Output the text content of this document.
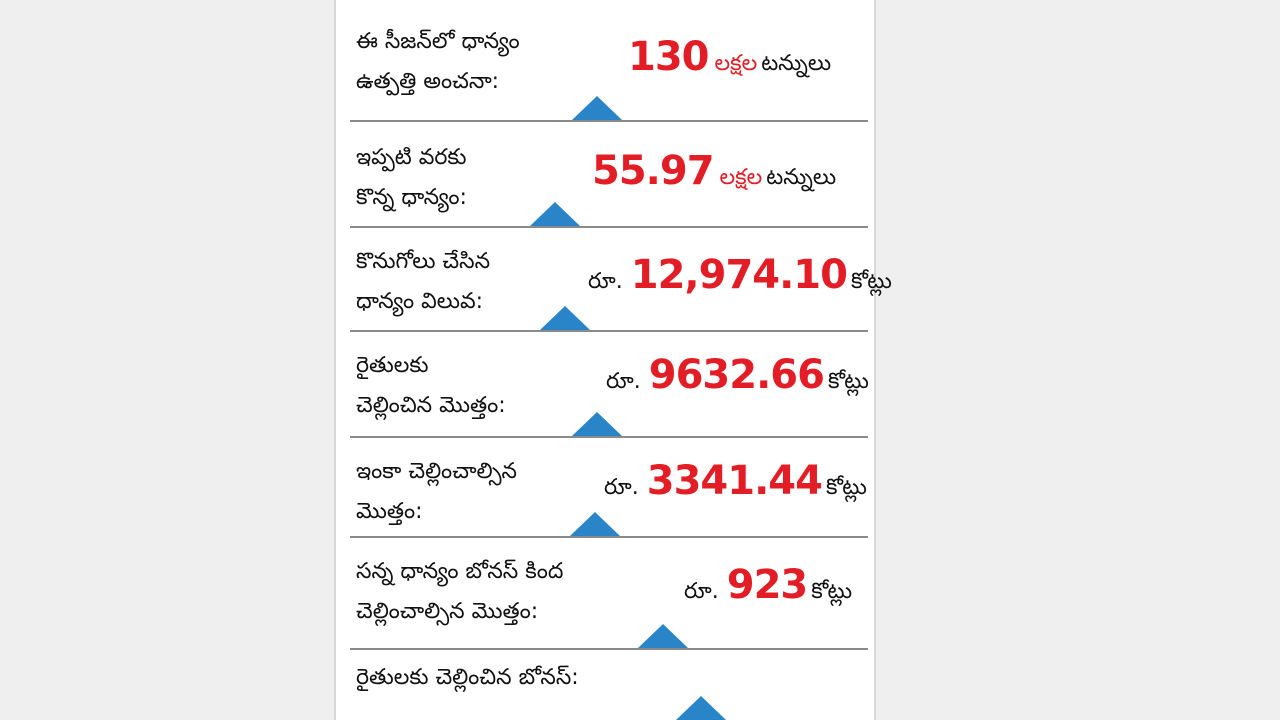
ఈ సీజన్‌లో ధాన్యం
ఉత్పత్తి అంచనా:
130 లక్షల టన్నులు
ఇప్పటి వరకు
కొన్న ధాన్యం:
55.97 లక్షల టన్నులు
కొనుగోలు చేసిన
ధాన్యం విలువ:
రూ. 12,974.10 కోట్లు
రైతులకు
చెల్లించిన మొత్తం:
రూ. 9632.66 కోట్లు
ఇంకా చెల్లించాల్సిన
మొత్తం:
రూ. 3341.44 కోట్లు
సన్న ధాన్యం బోనస్ కింద
చెల్లించాల్సిన మొత్తం:
రూ. 923 కోట్లు
రైతులకు చెల్లించిన బోనస్:
